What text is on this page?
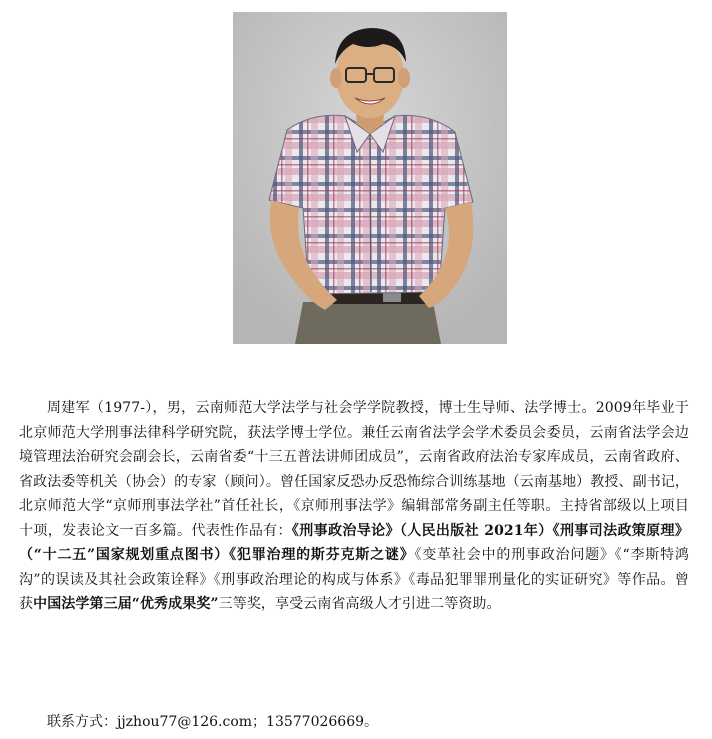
周建军（1977-），男，云南师范大学法学与社会学学院教授，博士生导师、法学博士。2009年毕业于北京师范大学刑事法律科学研究院，获法学博士学位。兼任云南省法学会学术委员会委员，云南省法学会边境管理法治研究会副会长，云南省委“十三五普法讲师团成员”，云南省政府法治专家库成员，云南省政府、省政法委等机关（协会）的专家（顾问）。曾任国家反恐办反恐怖综合训练基地（云南基地）教授、副书记，北京师范大学“京师刑事法学社”首任社长，《京师刑事法学》编辑部常务副主任等职。主持省部级以上项目十项，发表论文一百多篇。代表性作品有：《刑事政治导论》（人民出版社 2021年）《刑事司法政策原理》（“十二五”国家规划重点图书）《犯罪治理的斯芬克斯之谜》《变革社会中的刑事政治问题》《“李斯特鸿沟”的误读及其社会政策诠释》《刑事政治理论的构成与体系》《毒品犯罪罪刑量化的实证研究》等作品。曾获中国法学第三届“优秀成果奖”三等奖，享受云南省高级人才引进二等资助。

联系方式：jjzhou77@126.com；13577026669。
